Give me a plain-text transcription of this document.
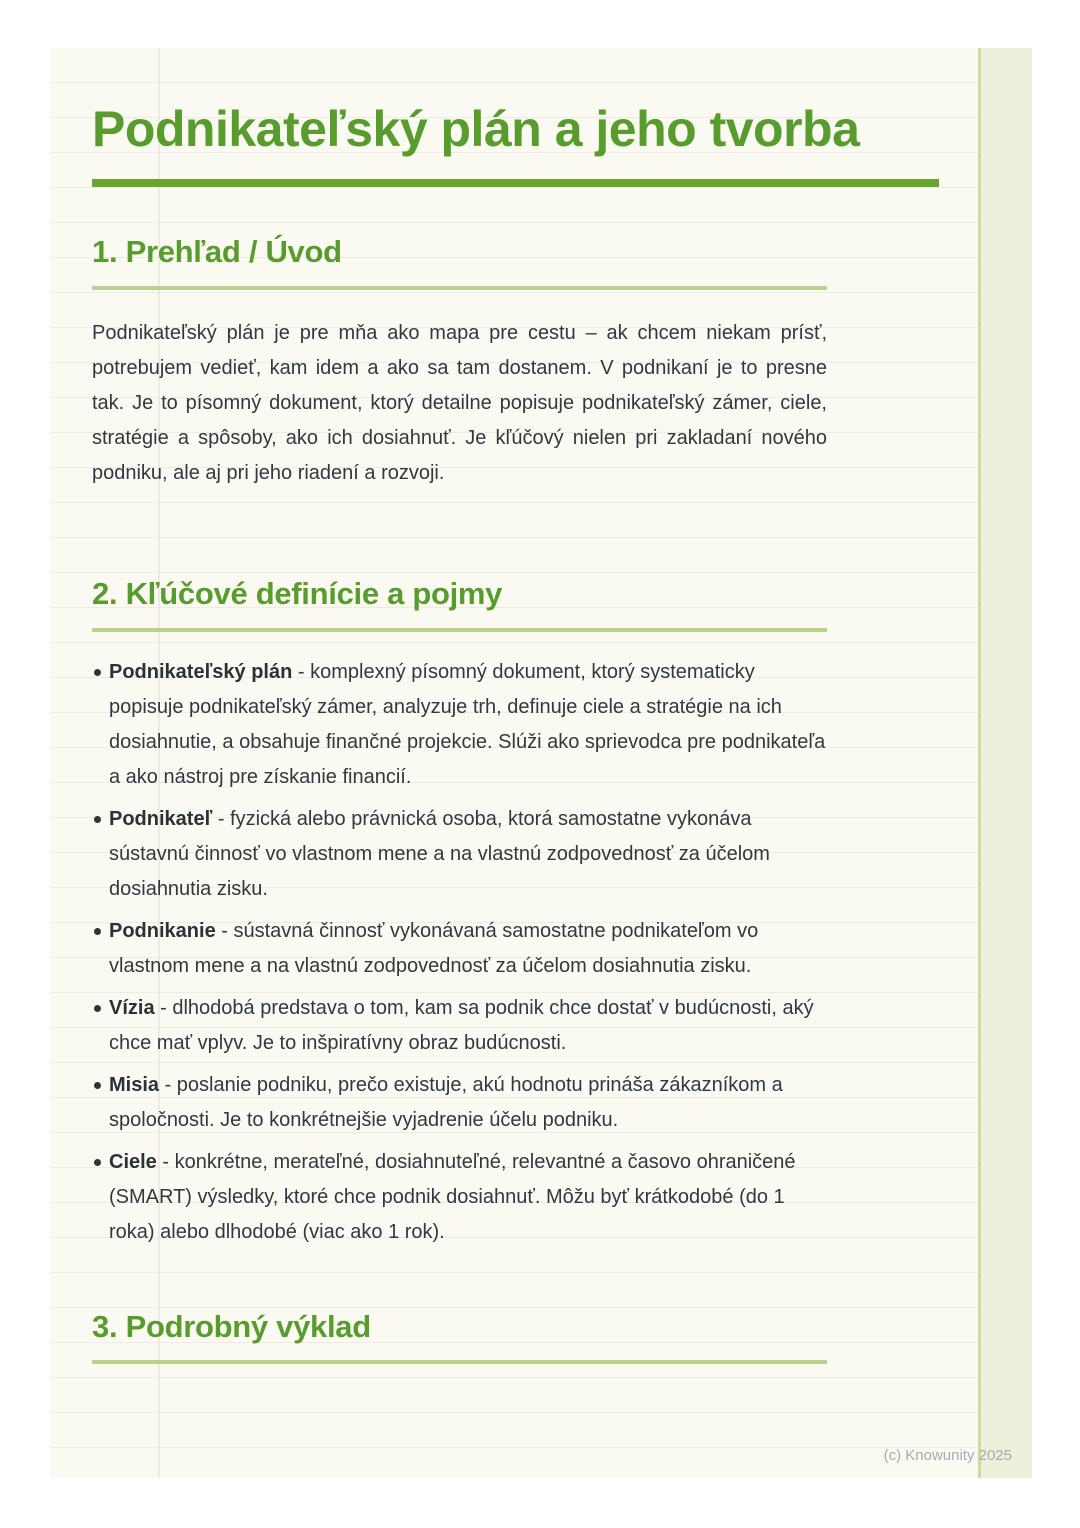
Podnikateľský plán a jeho tvorba
1. Prehľad / Úvod

Podnikateľský plán je pre mňa ako mapa pre cestu – ak chcem niekam prísť, potrebujem vedieť, kam idem a ako sa tam dostanem. V podnikaní je to presne tak. Je to písomný dokument, ktorý detailne popisuje podnikateľský zámer, ciele, stratégie a spôsoby, ako ich dosiahnuť. Je kľúčový nielen pri zakladaní nového podniku, ale aj pri jeho riadení a rozvoji.

2. Kľúčové definície a pojmy
Podnikateľský plán - komplexný písomný dokument, ktorý systematicky popisuje podnikateľský zámer, analyzuje trh, definuje ciele a stratégie na ich dosiahnutie, a obsahuje finančné projekcie. Slúži ako sprievodca pre podnikateľa a ako nástroj pre získanie financií.
Podnikateľ - fyzická alebo právnická osoba, ktorá samostatne vykonáva sústavnú činnosť vo vlastnom mene a na vlastnú zodpovednosť za účelom dosiahnutia zisku.
Podnikanie - sústavná činnosť vykonávaná samostatne podnikateľom vo vlastnom mene a na vlastnú zodpovednosť za účelom dosiahnutia zisku.
Vízia - dlhodobá predstava o tom, kam sa podnik chce dostať v budúcnosti, aký chce mať vplyv. Je to inšpiratívny obraz budúcnosti.
Misia - poslanie podniku, prečo existuje, akú hodnotu prináša zákazníkom a spoločnosti. Je to konkrétnejšie vyjadrenie účelu podniku.
Ciele - konkrétne, merateľné, dosiahnuteľné, relevantné a časovo ohraničené (SMART) výsledky, ktoré chce podnik dosiahnuť. Môžu byť krátkodobé (do 1 roka) alebo dlhodobé (viac ako 1 rok).
3. Podrobný výklad
(c) Knowunity 2025
